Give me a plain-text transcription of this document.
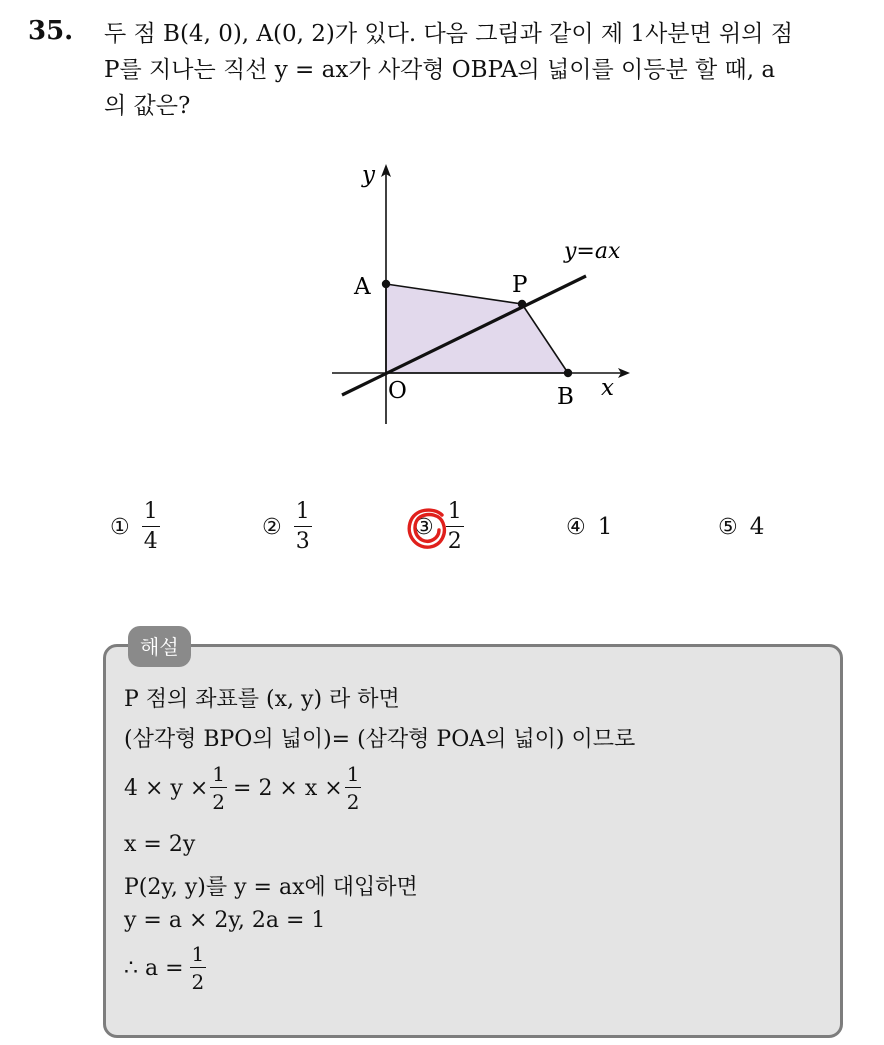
35. 두 점 B(4, 0), A(0, 2)가 있다. 다음 그림과 같이 제 1사분면 위의 점
P를 지나는 직선 y = ax가 사각형 OBPA의 넓이를 이등분 할 때, a
의 값은?
y
x
y=ax
A	P
O	B
① $\frac{1}{4}$	② $\frac{1}{3}$	③ $\frac{1}{2}$	④ 1	⑤ 4
해설
P 점의 좌표를 (x, y) 라 하면
(삼각형 BPO의 넓이)= (삼각형 POA의 넓이) 이므로
$4 \times y \times \frac{1}{2} = 2 \times x \times \frac{1}{2}$
x = 2y
P(2y, y)를 y = ax에 대입하면
y = a × 2y, 2a = 1
∴ $a = \frac{1}{2}$
